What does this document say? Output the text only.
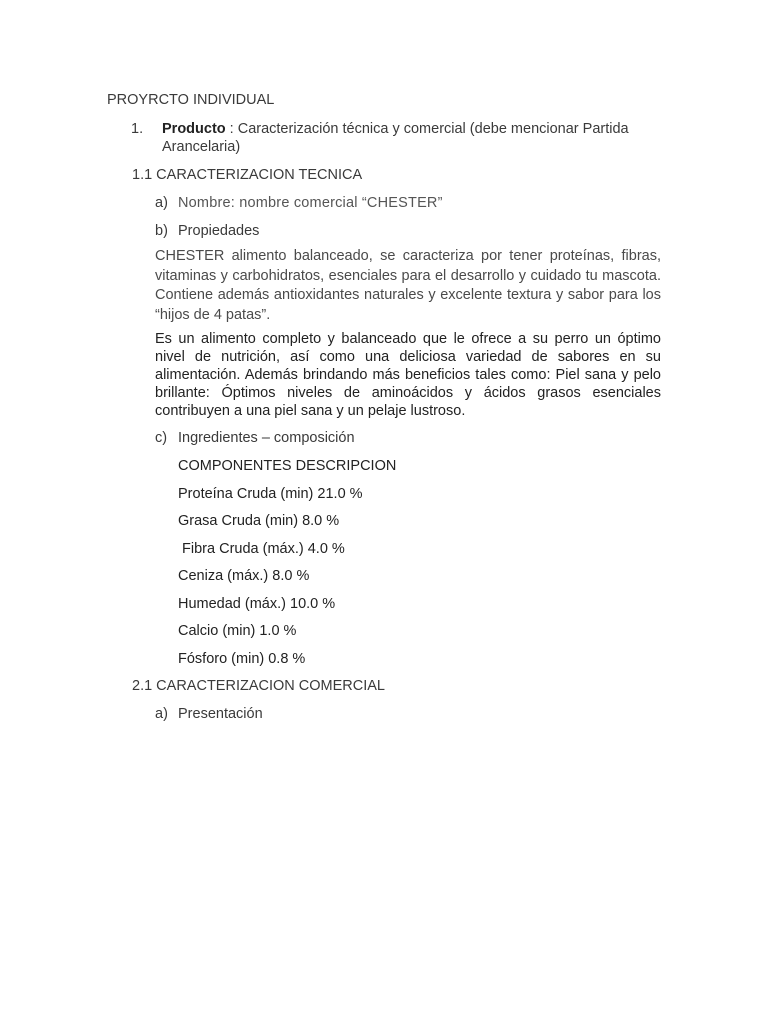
PROYRCTO INDIVIDUAL
1. Producto : Caracterización técnica y comercial (debe mencionar Partida
Arancelaria)
1.1 CARACTERIZACION TECNICA
a) Nombre: nombre comercial “CHESTER”
b) Propiedades
CHESTER alimento balanceado, se caracteriza por tener proteínas, fibras, vitaminas y carbohidratos, esenciales para el desarrollo y cuidado tu mascota. Contiene además antioxidantes naturales y excelente textura y sabor para los “hijos de 4 patas”.
Es un alimento completo y balanceado que le ofrece a su perro un óptimo nivel de nutrición, así como una deliciosa variedad de sabores en su alimentación. Además brindando más beneficios tales como: Piel sana y pelo brillante: Óptimos niveles de aminoácidos y ácidos grasos esenciales contribuyen a una piel sana y un pelaje lustroso.
c) Ingredientes – composición
COMPONENTES DESCRIPCION
Proteína Cruda (min) 21.0 %
Grasa Cruda (min) 8.0 %
Fibra Cruda (máx.) 4.0 %
Ceniza (máx.) 8.0 %
Humedad (máx.) 10.0 %
Calcio (min) 1.0 %
Fósforo (min) 0.8 %
2.1 CARACTERIZACION COMERCIAL
a) Presentación
